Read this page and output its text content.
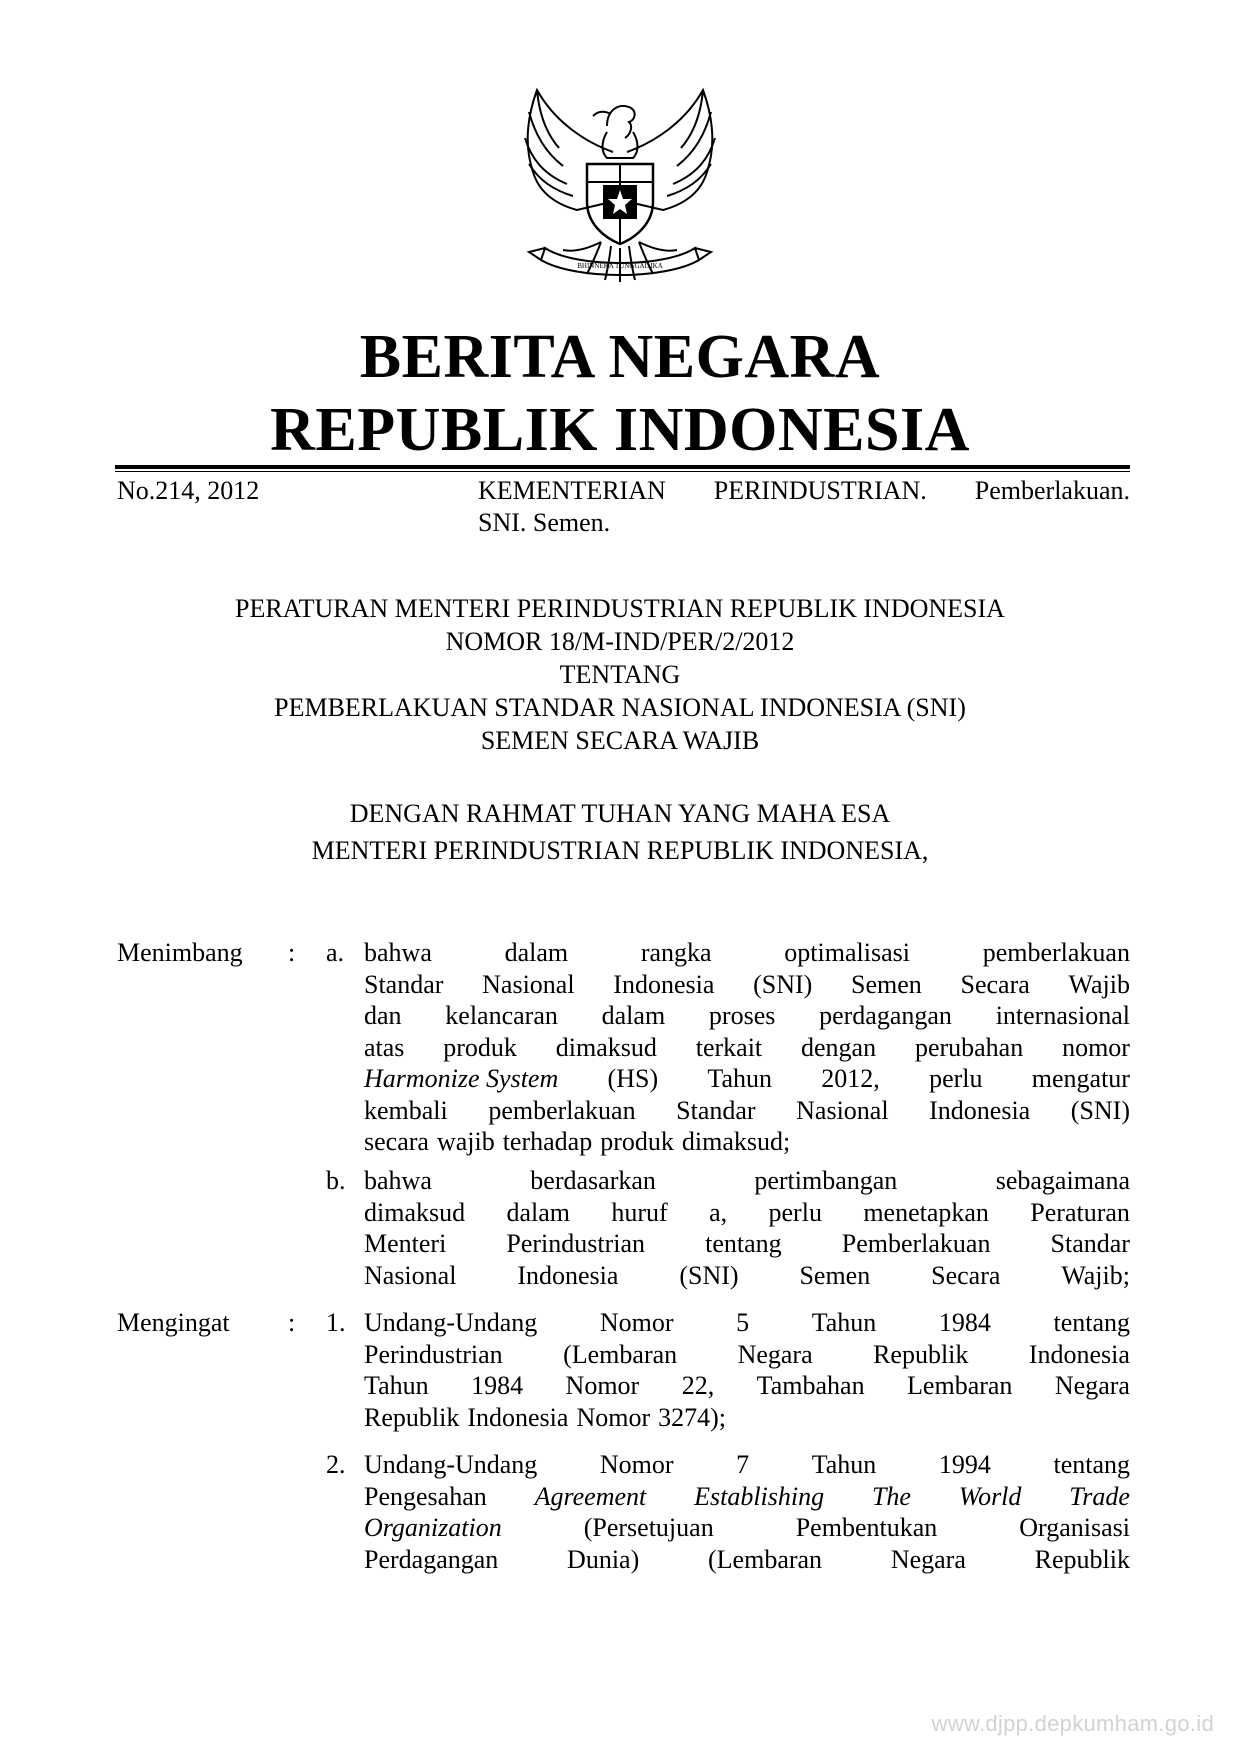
BHINNEKA TUNGGAL IKA
BERITA NEGARA
REPUBLIK INDONESIA
No.214, 2012	KEMENTERIAN PERINDUSTRIAN. Pemberlakuan.
SNI. Semen.
PERATURAN MENTERI PERINDUSTRIAN REPUBLIK INDONESIA
NOMOR 18/M-IND/PER/2/2012
TENTANG
PEMBERLAKUAN STANDAR NASIONAL INDONESIA (SNI)
SEMEN SECARA WAJIB
DENGAN RAHMAT TUHAN YANG MAHA ESA
MENTERI PERINDUSTRIAN REPUBLIK INDONESIA,
Menimbang : a. bahwa	dalam	rangka	optimalisasi	pemberlakuan
Standar Nasional Indonesia (SNI) Semen Secara Wajib
dan kelancaran dalam proses perdagangan internasional
atas produk dimaksud terkait dengan perubahan nomor
Harmonize System (HS) Tahun 2012, perlu mengatur
kembali pemberlakuan Standar Nasional Indonesia (SNI)
secara wajib terhadap produk dimaksud;
b. bahwa	berdasarkan	pertimbangan	sebagaimana
dimaksud dalam huruf a, perlu menetapkan Peraturan
Menteri Perindustrian tentang Pemberlakuan Standar
Nasional Indonesia (SNI) Semen Secara Wajib;
Mengingat : 1. Undang-Undang Nomor 5 Tahun 1984 tentang
Perindustrian (Lembaran Negara Republik Indonesia
Tahun 1984 Nomor 22, Tambahan Lembaran Negara
Republik Indonesia Nomor 3274);
2. Undang-Undang Nomor 7 Tahun 1994 tentang
Pengesahan Agreement Establishing The World Trade
Organization	(Persetujuan	Pembentukan	Organisasi
Perdagangan	Dunia)	(Lembaran	Negara	Republik
www.djpp.depkumham.go.id
